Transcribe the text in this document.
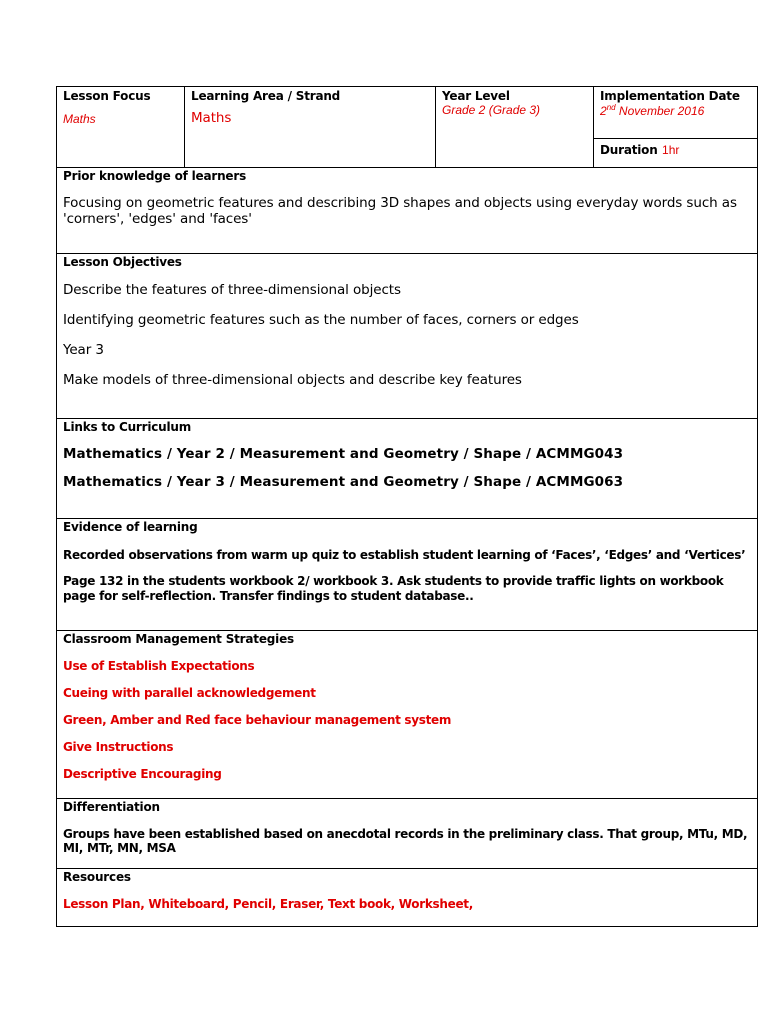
Lesson Focus

Maths

Learning Area / Strand

Maths

Year Level

Grade 2 (Grade 3)

Implementation Date

2nd November 2016

Duration 1hr

Prior knowledge of learners

Focusing on geometric features and describing 3D shapes and objects using everyday words such as 'corners', 'edges' and 'faces'

Lesson Objectives

Describe the features of three-dimensional objects

Identifying geometric features such as the number of faces, corners or edges

Year 3

Make models of three-dimensional objects and describe key features

Links to Curriculum

Mathematics / Year 2 / Measurement and Geometry / Shape / ACMMG043

Mathematics / Year 3 / Measurement and Geometry / Shape / ACMMG063

Evidence of learning

Recorded observations from warm up quiz to establish student learning of ‘Faces’, ‘Edges’ and ‘Vertices’

Page 132 in the students workbook 2/ workbook 3. Ask students to provide traffic lights on workbook page for self-reflection. Transfer findings to student database..

Classroom Management Strategies

Use of Establish Expectations

Cueing with parallel acknowledgement

Green, Amber and Red face behaviour management system

Give Instructions

Descriptive Encouraging

Differentiation

Groups have been established based on anecdotal records in the preliminary class. That group, MTu, MD, MI, MTr, MN, MSA

Resources

Lesson Plan, Whiteboard, Pencil, Eraser, Text book, Worksheet,
